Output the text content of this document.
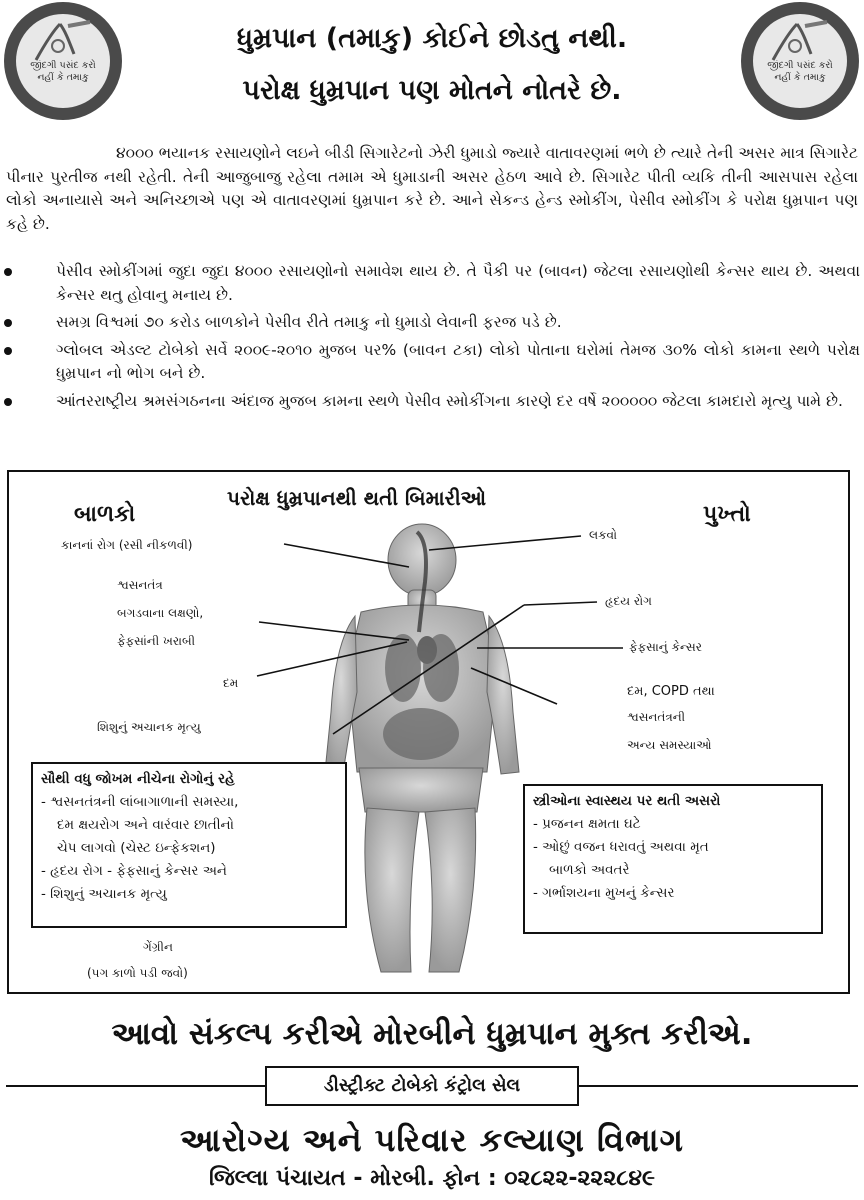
જીંદગી પસંદ કરો
નહીં કે તમાકુ
જીંદગી પસંદ કરો
નહીં કે તમાકુ
ધુમ્રપાન (તમાકુ) કોઈને છોડતુ નથી.
પરોક્ષ ધુમ્રપાન પણ મોતને નોતરે છે.
૪૦૦૦ ભયાનક રસાયણોને લઇને બીડી સિગારેટનો ઝેરી ધુમાડો જ્યારે વાતાવરણમાં ભળે છે ત્યારે તેની અસર માત્ર સિગારેટ પીનાર પુરતીજ નથી રહેતી. તેની આજુબાજુ રહેલા તમામ એ ધુમાડાની અસર હેઠળ આવે છે. સિગારેટ પીતી વ્યકિ તીની આસપાસ રહેલા લોકો અનાયાસે અને અનિચ્છાએ પણ એ વાતાવરણમાં ધુમ્રપાન કરે છે. આને સેકન્ડ હેન્ડ સ્મોકીંગ, પેસીવ સ્મોકીંગ કે પરોક્ષ ધુમ્રપાન પણ કહે છે.
પેસીવ સ્મોકીંગમાં જુદા જુદા ૪૦૦૦ રસાયણોનો સમાવેશ થાય છે. તે પૈકી પર (બાવન) જેટલા રસાયણોથી કેન્સર થાય છે. અથવા કેન્સર થતુ હોવાનુ મનાય છે.
સમગ્ર વિશ્વમાં ૭૦ કરોડ બાળકોને પેસીવ રીતે તમાકુ નો ધુમાડો લેવાની ફરજ પડે છે.
ગ્લોબલ એડલ્ટ ટોબેકો સર્વે ૨૦૦૯-૨૦૧૦ મુજબ પર% (બાવન ટકા) લોકો પોતાના ઘરોમાં તેમજ ૩૦% લોકો કામના સ્થળે પરોક્ષ ધુમ્રપાન નો ભોગ બને છે.
આંતરરાષ્ટ્રીય શ્રમસંગઠનના અંદાજ મુજબ કામના સ્થળે પેસીવ સ્મોકીંગના કારણે દર વર્ષે ૨૦૦૦૦૦ જેટલા કામદારો મૃત્યુ પામે છે.
બાળકો
પરોક્ષ ધુમ્રપાનથી થતી બિમારીઓ
પુખ્તો
કાનનાં રોગ (રસી નીકળવી)
શ્વસનતંત્ર
બગડવાના લક્ષણો,
ફેફસાંની ખરાબી
દમ
શિશુનું અચાનક મૃત્યુ
લકવો
હૃદય રોગ
ફેફસાનું કેન્સર
દમ, COPD તથા
શ્વસનતંત્રની
અન્ય સમસ્યાઓ
સૌથી વધુ જોખમ નીચેના રોગોનું રહે
- શ્વસનતંત્રની લાંબાગાળાની સમસ્યા,
દમ ક્ષયરોગ અને વારંવાર છાતીનો
ચેપ લાગવો (ચેસ્ટ ઇન્ફેકશન)
- હૃદય રોગ - ફેફસાનું કેન્સર અને
- શિશુનું અચાનક મૃત્યુ
ગેંગ્રીન
(પગ કાળો પડી જવો)
સ્ત્રીઓના સ્વાસ્થય પર થતી અસરો
- પ્રજનન ક્ષમતા ઘટે
- ઓછું વજન ધરાવતું અથવા મૃત
બાળકો અવતરે
- ગર્ભાશયના મુખનું કેન્સર
આવો સંકલ્પ કરીએ મોરબીને ધુમ્રપાન મુક્ત કરીએ.
ડીસ્ટ્રીક્ટ ટોબેકો કંટ્રોલ સેલ
આરોગ્ય અને પરિવાર કલ્યાણ વિભાગ
જિલ્લા પંચાયત - મોરબી. ફોન : ૦૨૮૨૨-૨૨૨૮૪૯
